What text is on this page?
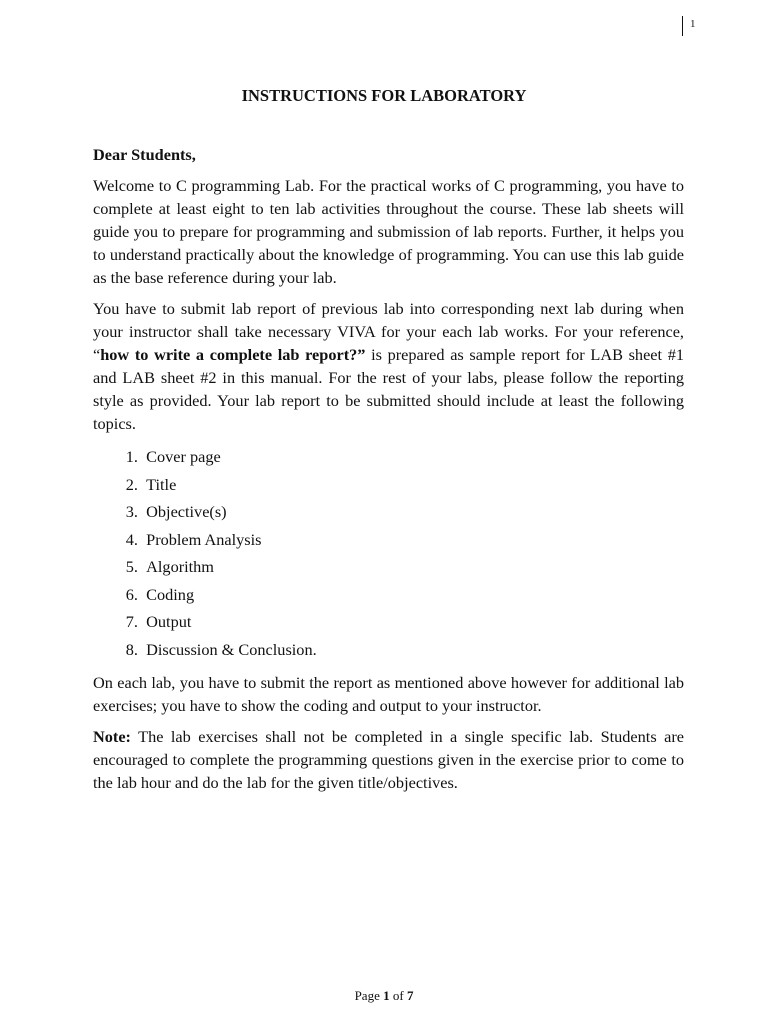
1
INSTRUCTIONS FOR LABORATORY

Dear Students,

Welcome to C programming Lab. For the practical works of C programming, you have to complete at least eight to ten lab activities throughout the course. These lab sheets will guide you to prepare for programming and submission of lab reports. Further, it helps you to understand practically about the knowledge of programming. You can use this lab guide as the base reference during your lab.

You have to submit lab report of previous lab into corresponding next lab during when your instructor shall take necessary VIVA for your each lab works. For your reference, “how to write a complete lab report?” is prepared as sample report for LAB sheet #1 and LAB sheet #2 in this manual. For the rest of your labs, please follow the reporting style as provided. Your lab report to be submitted should include at least the following topics.

1.
Cover page
2.
Title
3.
Objective(s)
4.
Problem Analysis
5.
Algorithm
6.
Coding
7.
Output
8.
Discussion & Conclusion.

On each lab, you have to submit the report as mentioned above however for additional lab exercises; you have to show the coding and output to your instructor.

Note: The lab exercises shall not be completed in a single specific lab. Students are encouraged to complete the programming questions given in the exercise prior to come to the lab hour and do the lab for the given title/objectives.

Page 1 of 7
